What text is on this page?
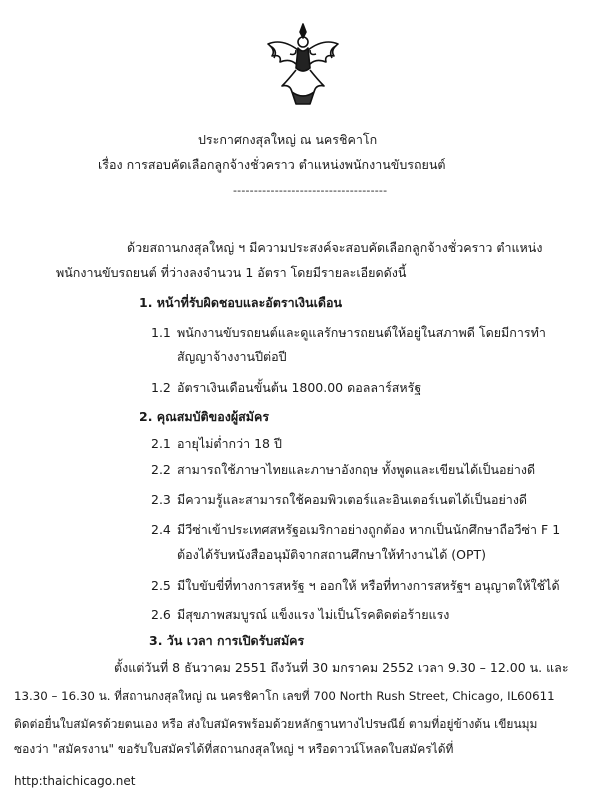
ประกาศกงสุลใหญ่ ณ นครชิคาโก
เรื่อง การสอบคัดเลือกลูกจ้างชั่วคราว ตำแหน่งพนักงานขับรถยนต์
-------------------------------------
ด้วยสถานกงสุลใหญ่ ฯ มีความประสงค์จะสอบคัดเลือกลูกจ้างชั่วคราว ตำแหน่ง
พนักงานขับรถยนต์ ที่ว่างลงจำนวน 1 อัตรา โดยมีรายละเอียดดังนี้
1. หน้าที่รับผิดชอบและอัตราเงินเดือน
1.1 พนักงานขับรถยนต์และดูแลรักษารถยนต์ให้อยู่ในสภาพดี โดยมีการทำ
สัญญาจ้างงานปีต่อปี
1.2 อัตราเงินเดือนขั้นต้น 1800.00 ดอลลาร์สหรัฐ
2. คุณสมบัติของผู้สมัคร
2.1 อายุไม่ต่ำกว่า 18 ปี
2.2 สามารถใช้ภาษาไทยและภาษาอังกฤษ ทั้งพูดและเขียนได้เป็นอย่างดี
2.3 มีความรู้และสามารถใช้คอมพิวเตอร์และอินเตอร์เนตได้เป็นอย่างดี
2.4 มีวีซ่าเข้าประเทศสหรัฐอเมริกาอย่างถูกต้อง หากเป็นนักศึกษาถือวีซ่า F 1
ต้องได้รับหนังสืออนุมัติจากสถานศึกษาให้ทำงานได้ (OPT)
2.5 มีใบขับขี่ที่ทางการสหรัฐ ฯ ออกให้ หรือที่ทางการสหรัฐฯ อนุญาตให้ใช้ได้
2.6 มีสุขภาพสมบูรณ์ แข็งแรง ไม่เป็นโรคติดต่อร้ายแรง
3. วัน เวลา การเปิดรับสมัคร
ตั้งแต่วันที่ 8 ธันวาคม 2551 ถึงวันที่ 30 มกราคม 2552 เวลา 9.30 – 12.00 น. และ
13.30 – 16.30 น. ที่สถานกงสุลใหญ่ ณ นครชิคาโก เลขที่ 700 North Rush Street, Chicago, IL60611
ติดต่อยื่นใบสมัครด้วยตนเอง หรือ ส่งใบสมัครพร้อมด้วยหลักฐานทางไปรษณีย์ ตามที่อยู่ข้างต้น เขียนมุม
ซองว่า "สมัครงาน" ขอรับใบสมัครได้ที่สถานกงสุลใหญ่ ฯ หรือดาวน์โหลดใบสมัครได้ที่
http:thaichicago.net
